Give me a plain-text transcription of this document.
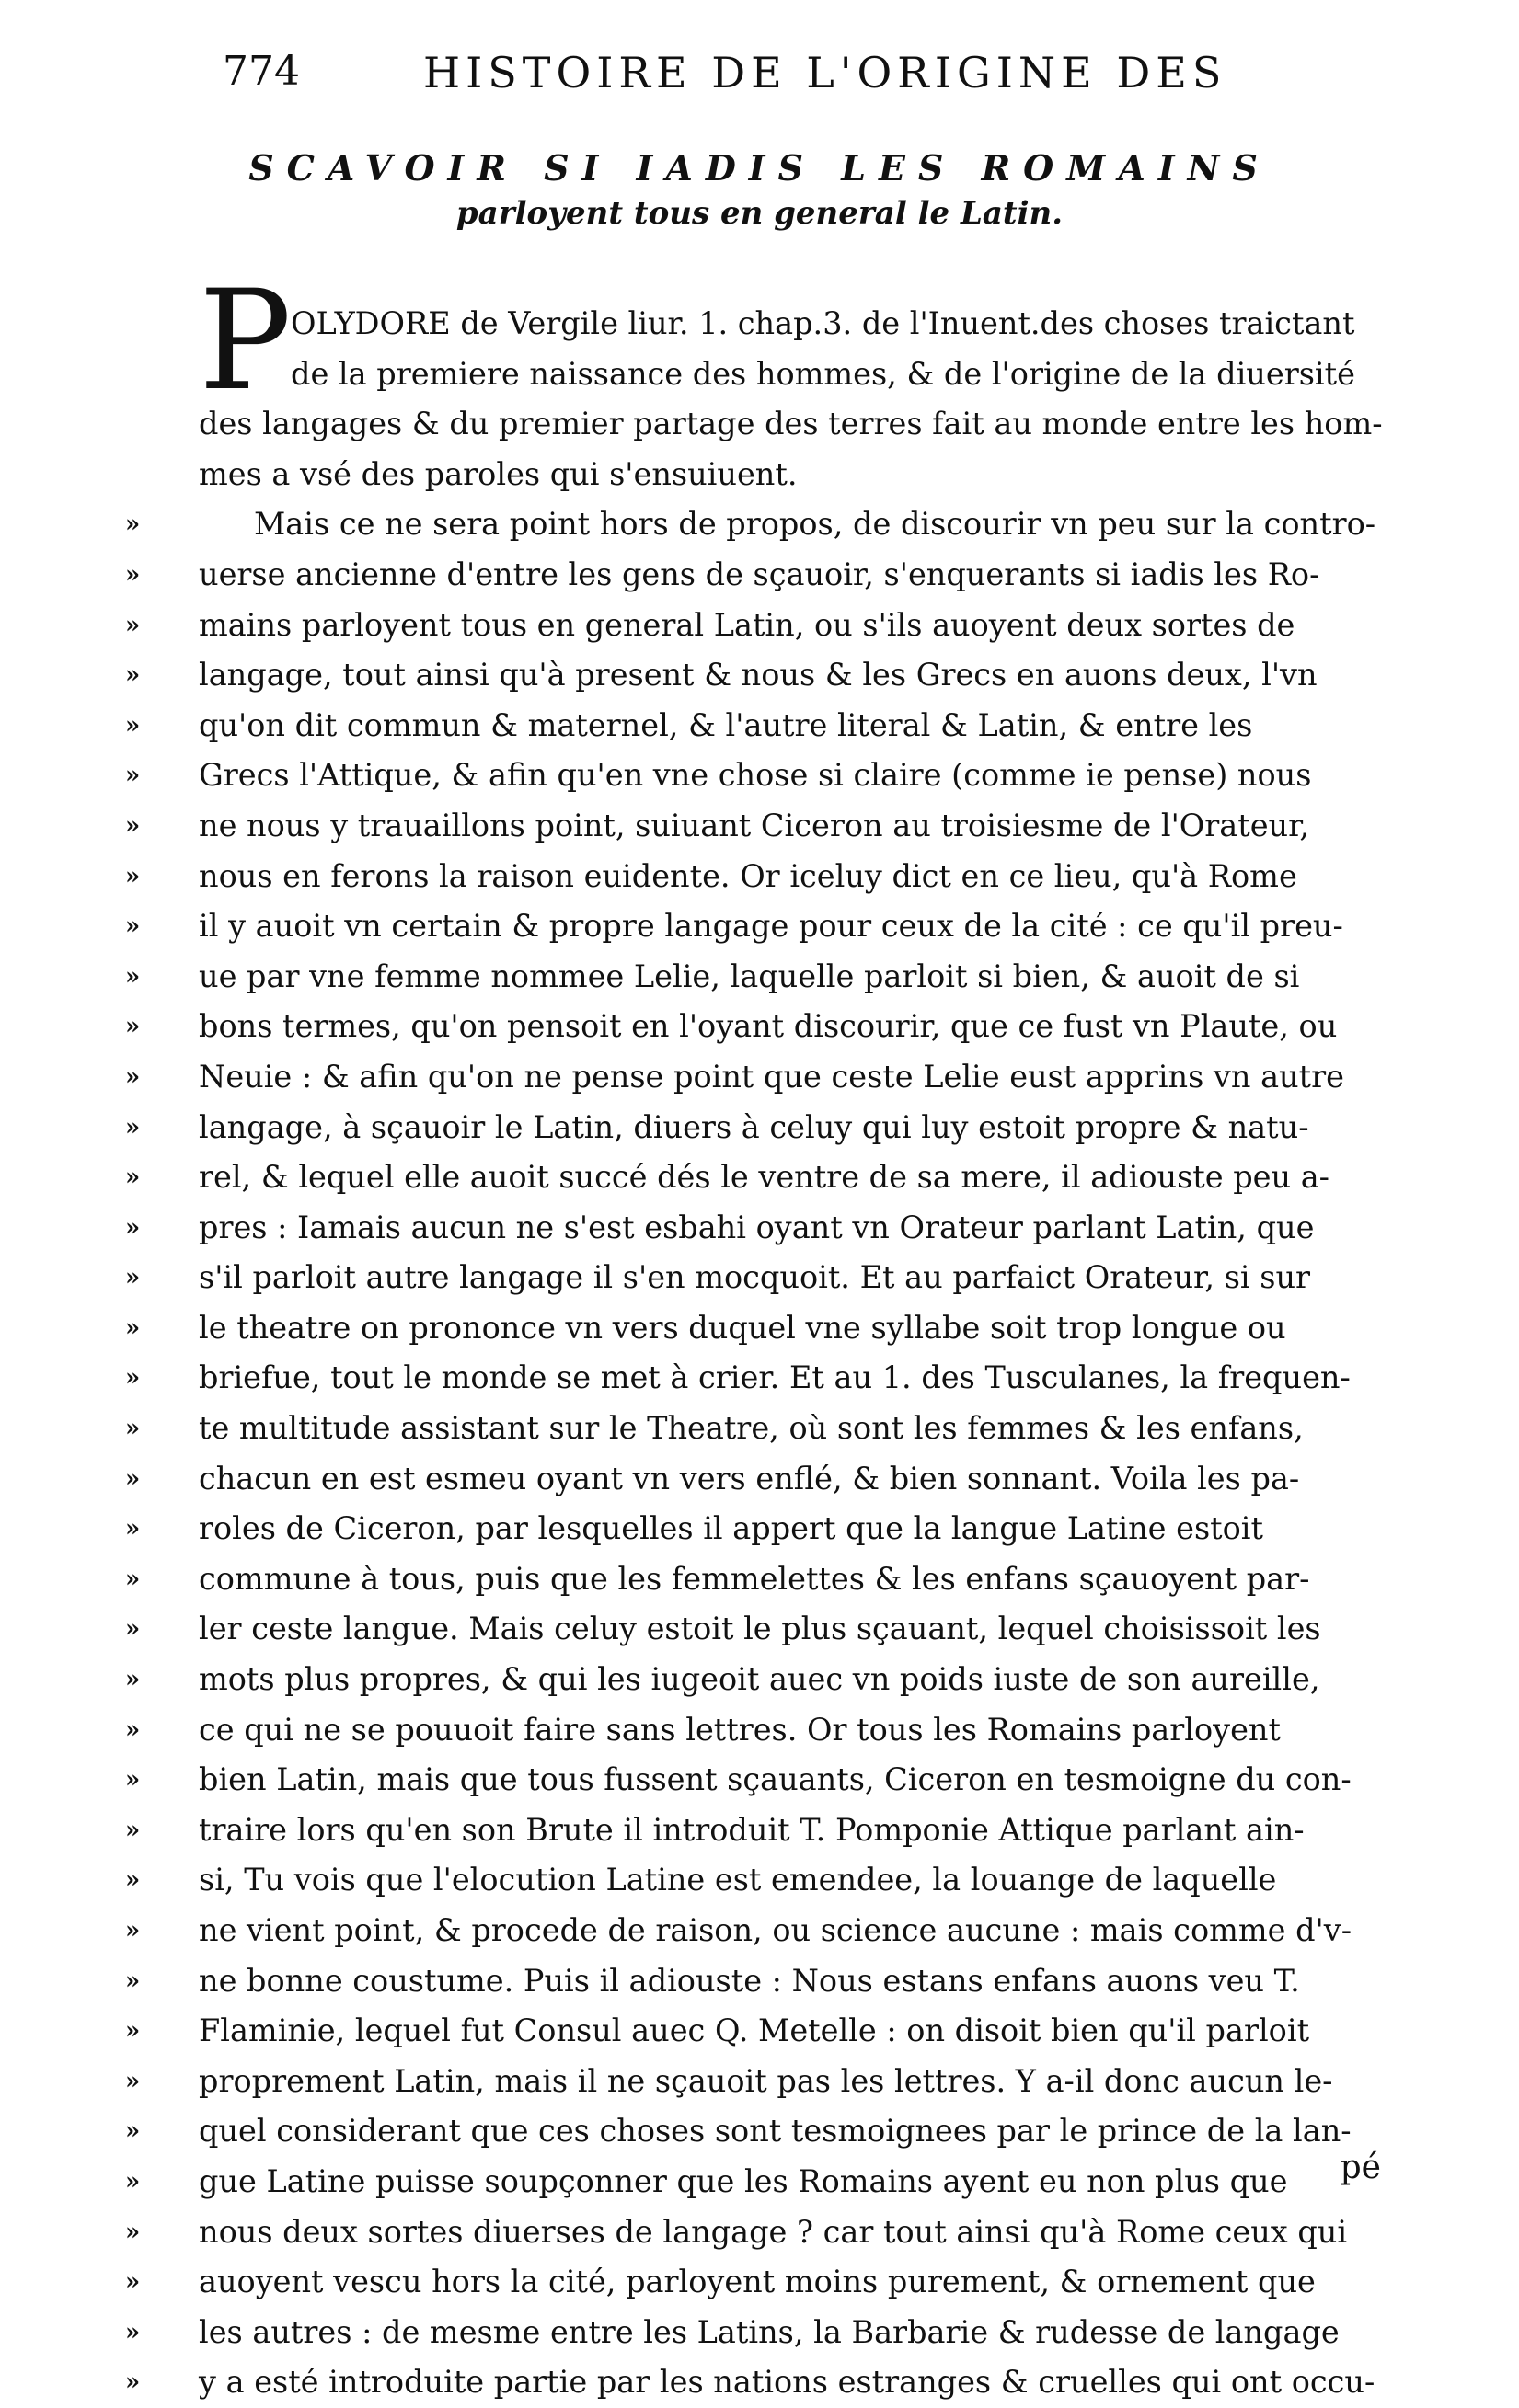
774	HISTOIRE DE L'ORIGINE DES
SCAVOIR SI IADIS LES ROMAINS
parloyent tous en general le Latin.
P OLYDORE de Vergile liur. 1. chap.3. de l'Inuent.des choses traictant
de la premiere naissance des hommes, & de l'origine de la diuersité
des langages & du premier partage des terres fait au monde entre les hom-
mes a vsé des paroles qui s'ensuiuent.
»	Mais ce ne sera point hors de propos, de discourir vn peu sur la contro-
» uerse ancienne d'entre les gens de sçauoir, s'enquerants si iadis les Ro-
» mains parloyent tous en general Latin, ou s'ils auoyent deux sortes de
» langage, tout ainsi qu'à present & nous & les Grecs en auons deux, l'vn
» qu'on dit commun & maternel, & l'autre literal & Latin, & entre les
» Grecs l'Attique, & afin qu'en vne chose si claire (comme ie pense) nous
» ne nous y trauaillons point, suiuant Ciceron au troisiesme de l'Orateur,
» nous en ferons la raison euidente. Or iceluy dict en ce lieu, qu'à Rome
» il y auoit vn certain & propre langage pour ceux de la cité : ce qu'il preu-
» ue par vne femme nommee Lelie, laquelle parloit si bien, & auoit de si
» bons termes, qu'on pensoit en l'oyant discourir, que ce fust vn Plaute, ou
» Neuie : & afin qu'on ne pense point que ceste Lelie eust apprins vn autre
» langage, à sçauoir le Latin, diuers à celuy qui luy estoit propre & natu-
» rel, & lequel elle auoit succé dés le ventre de sa mere, il adiouste peu a-
» pres : Iamais aucun ne s'est esbahi oyant vn Orateur parlant Latin, que
» s'il parloit autre langage il s'en mocquoit. Et au parfaict Orateur, si sur
» le theatre on prononce vn vers duquel vne syllabe soit trop longue ou
» briefue, tout le monde se met à crier. Et au 1. des Tusculanes, la frequen-
» te multitude assistant sur le Theatre, où sont les femmes & les enfans,
» chacun en est esmeu oyant vn vers enflé, & bien sonnant. Voila les pa-
» roles de Ciceron, par lesquelles il appert que la langue Latine estoit
» commune à tous, puis que les femmelettes & les enfans sçauoyent par-
» ler ceste langue. Mais celuy estoit le plus sçauant, lequel choisissoit les
» mots plus propres, & qui les iugeoit auec vn poids iuste de son aureille,
» ce qui ne se pouuoit faire sans lettres. Or tous les Romains parloyent
» bien Latin, mais que tous fussent sçauants, Ciceron en tesmoigne du con-
» traire lors qu'en son Brute il introduit T. Pomponie Attique parlant ain-
» si, Tu vois que l'elocution Latine est emendee, la louange de laquelle
» ne vient point, & procede de raison, ou science aucune : mais comme d'v-
» ne bonne coustume. Puis il adiouste : Nous estans enfans auons veu T.
» Flaminie, lequel fut Consul auec Q. Metelle : on disoit bien qu'il parloit
» proprement Latin, mais il ne sçauoit pas les lettres. Y a-il donc aucun le-
» quel considerant que ces choses sont tesmoignees par le prince de la lan-
» gue Latine puisse soupçonner que les Romains ayent eu non plus que
» nous deux sortes diuerses de langage ? car tout ainsi qu'à Rome ceux qui
» auoyent vescu hors la cité, parloyent moins purement, & ornement que
» les autres : de mesme entre les Latins, la Barbarie & rudesse de langage
» y a esté introduite partie par les nations estranges & cruelles qui ont occu-
pé
